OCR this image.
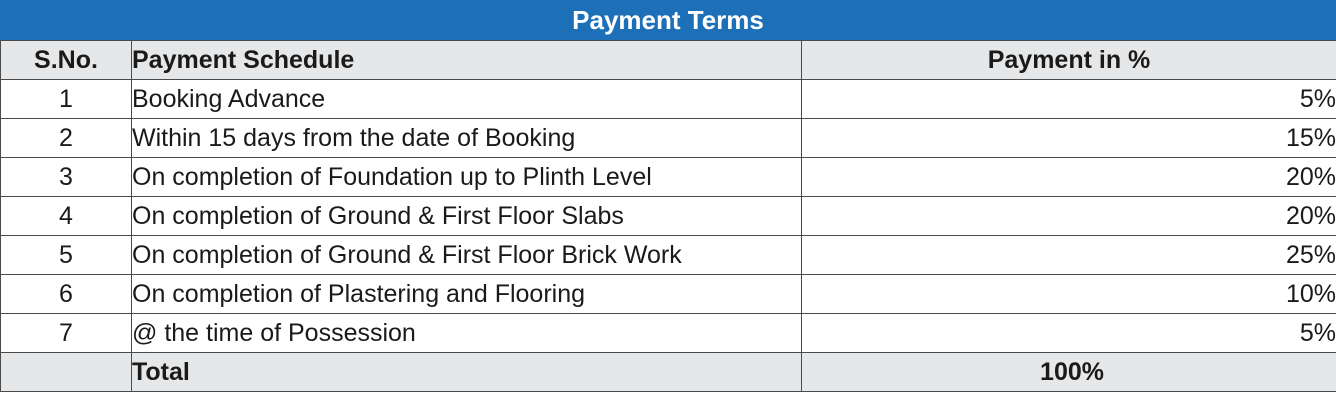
Payment Terms
S.No.	Payment Schedule	Payment in %
1	Booking Advance	5%
2	Within 15 days from the date of Booking	15%
3	On completion of Foundation up to Plinth Level	20%
4	On completion of Ground & First Floor Slabs	20%
5	On completion of Ground & First Floor Brick Work	25%
6	On completion of Plastering and Flooring	10%
7	@ the time of Possession	5%
	Total	100%
